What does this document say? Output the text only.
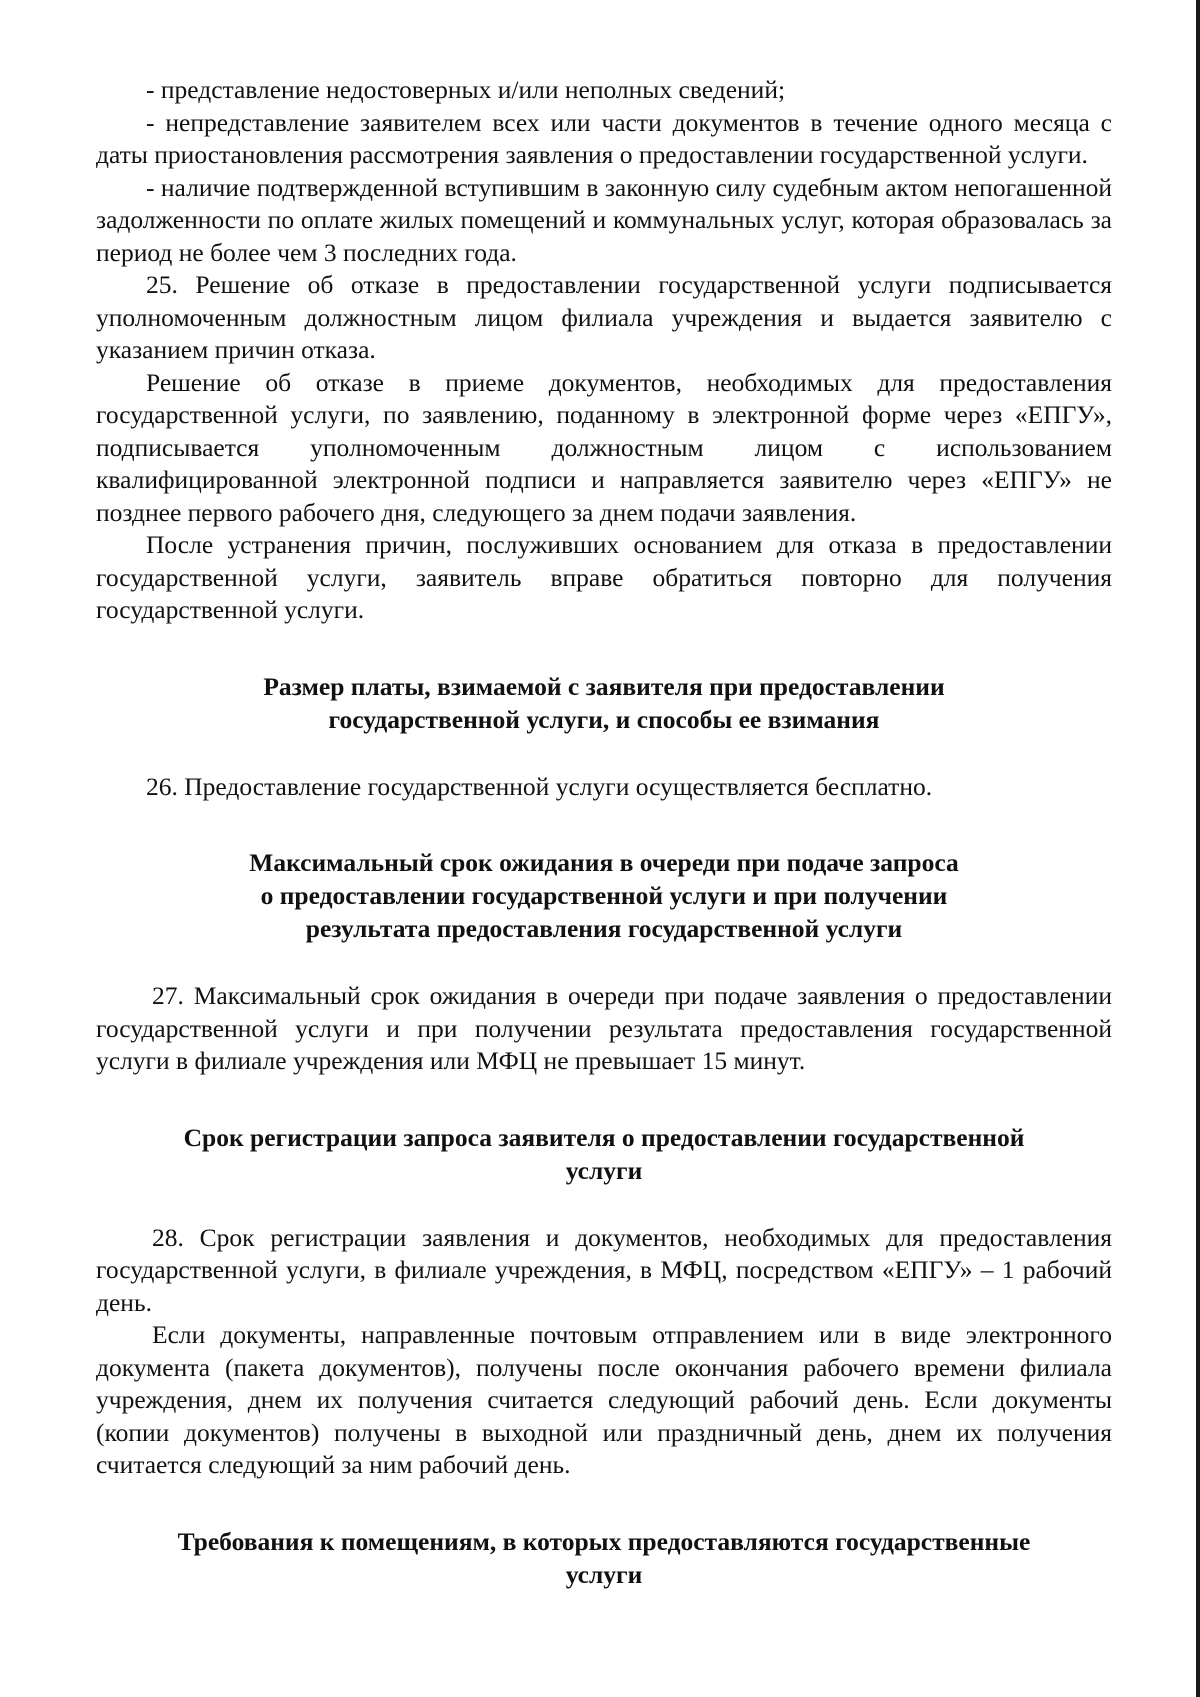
- представление недостоверных и/или неполных сведений;

- непредставление заявителем всех или части документов в течение одного месяца с даты приостановления рассмотрения заявления о предоставлении государственной услуги.

- наличие подтвержденной вступившим в законную силу судебным актом непогашенной задолженности по оплате жилых помещений и коммунальных услуг, которая образовалась за период не более чем 3 последних года.

25. Решение об отказе в предоставлении государственной услуги подписывается уполномоченным должностным лицом филиала учреждения и выдается заявителю с указанием причин отказа.

Решение об отказе в приеме документов, необходимых для предоставления государственной услуги, по заявлению, поданному в электронной форме через «ЕПГУ», подписывается уполномоченным должностным лицом с использованием квалифицированной электронной подписи и направляется заявителю через «ЕПГУ» не позднее первого рабочего дня, следующего за днем подачи заявления.

После устранения причин, послуживших основанием для отказа в предоставлении государственной услуги, заявитель вправе обратиться повторно для получения государственной услуги.

Размер платы, взимаемой с заявителя при предоставлении
государственной услуги, и способы ее взимания

26. Предоставление государственной услуги осуществляется бесплатно.

Максимальный срок ожидания в очереди при подаче запроса
о предоставлении государственной услуги и при получении
результата предоставления государственной услуги

27. Максимальный срок ожидания в очереди при подаче заявления о предоставлении государственной услуги и при получении результата предоставления государственной услуги в филиале учреждения или МФЦ не превышает 15 минут.

Срок регистрации запроса заявителя о предоставлении государственной
услуги

28. Срок регистрации заявления и документов, необходимых для предоставления государственной услуги, в филиале учреждения, в МФЦ, посредством «ЕПГУ» – 1 рабочий день.

Если документы, направленные почтовым отправлением или в виде электронного документа (пакета документов), получены после окончания рабочего времени филиала учреждения, днем их получения считается следующий рабочий день. Если документы (копии документов) получены в выходной или праздничный день, днем их получения считается следующий за ним рабочий день.

Требования к помещениям, в которых предоставляются государственные
услуги
